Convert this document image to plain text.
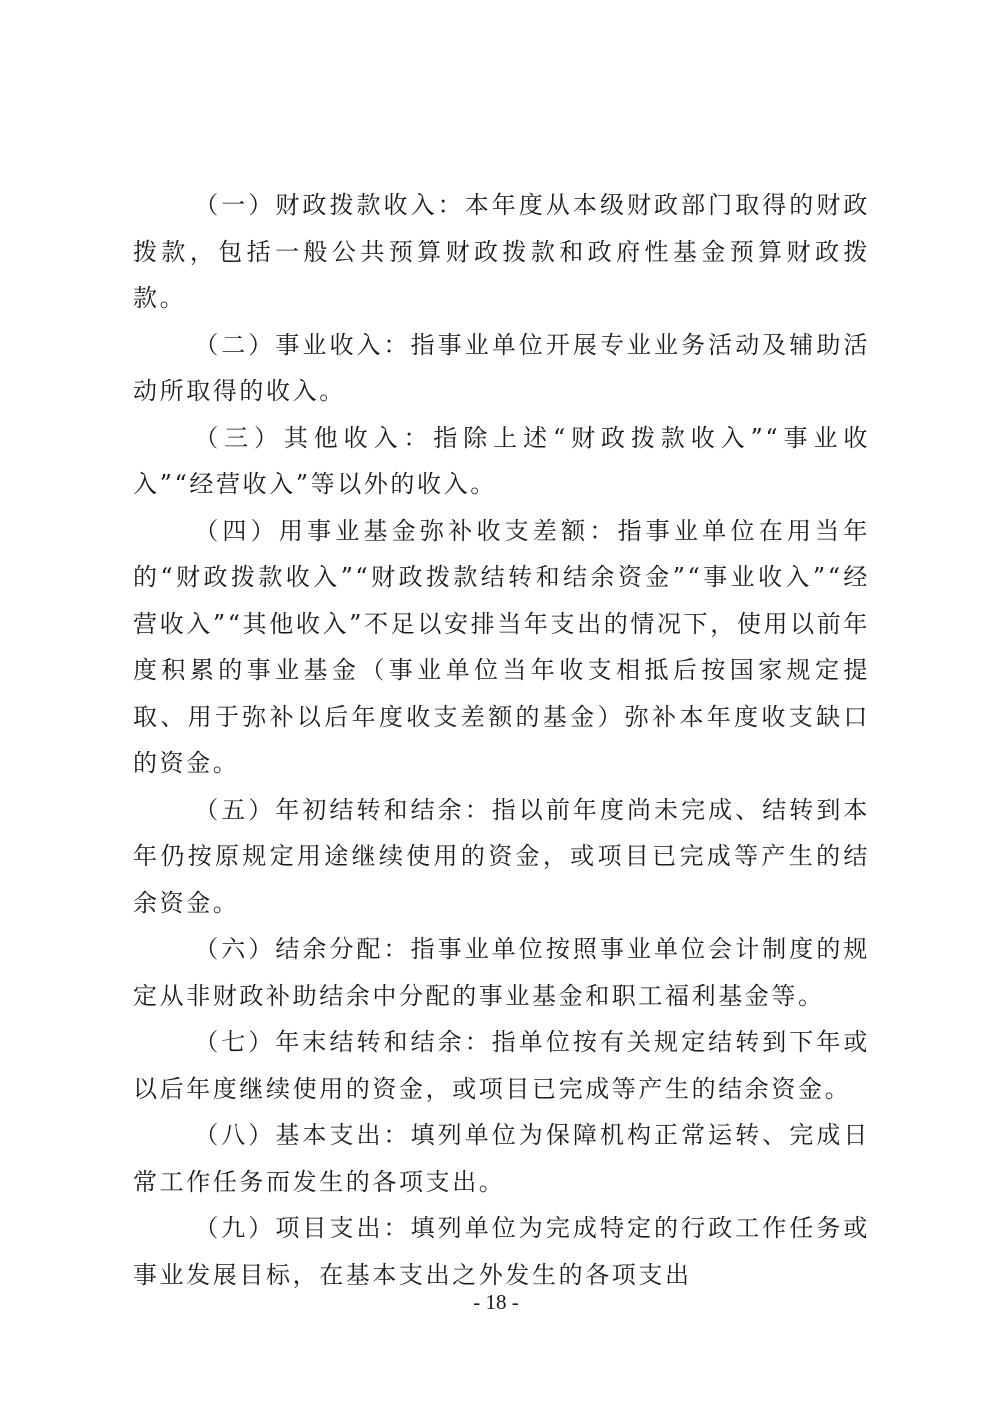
（一）财政拨款收入：本年度从本级财政部门取得的财政拨款，包括一般公共预算财政拨款和政府性基金预算财政拨款。

（二）事业收入：指事业单位开展专业业务活动及辅助活动所取得的收入。

（三）其他收入：指除上述“财政拨款收入”“事业收入”“经营收入”等以外的收入。

（四）用事业基金弥补收支差额：指事业单位在用当年的“财政拨款收入”“财政拨款结转和结余资金”“事业收入”“经营收入”“其他收入”不足以安排当年支出的情况下，使用以前年度积累的事业基金（事业单位当年收支相抵后按国家规定提取、用于弥补以后年度收支差额的基金）弥补本年度收支缺口的资金。

（五）年初结转和结余：指以前年度尚未完成、结转到本年仍按原规定用途继续使用的资金，或项目已完成等产生的结余资金。

（六）结余分配：指事业单位按照事业单位会计制度的规定从非财政补助结余中分配的事业基金和职工福利基金等。

（七）年末结转和结余：指单位按有关规定结转到下年或以后年度继续使用的资金，或项目已完成等产生的结余资金。

（八）基本支出：填列单位为保障机构正常运转、完成日常工作任务而发生的各项支出。

（九）项目支出：填列单位为完成特定的行政工作任务或事业发展目标，在基本支出之外发生的各项支出

- 18 -
